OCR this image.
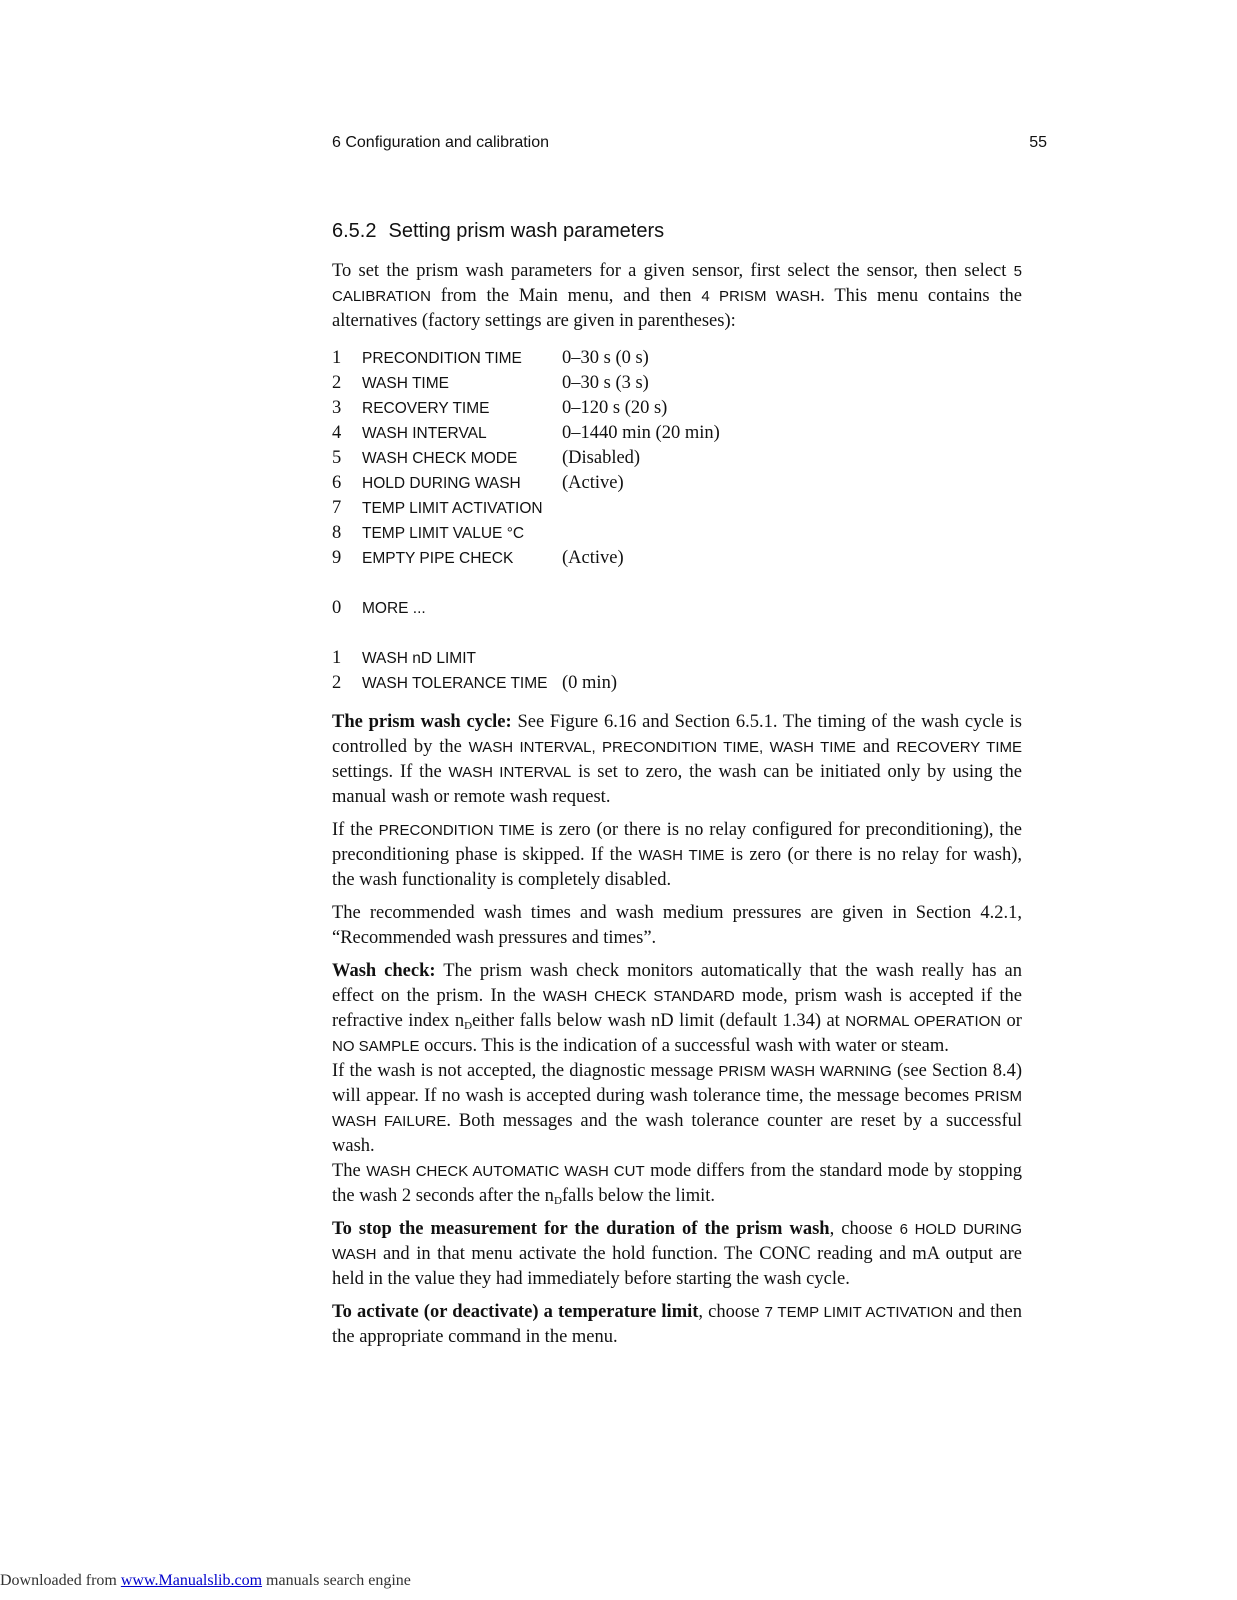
6 Configuration and calibration	55
6.5.2 Setting prism wash parameters

To set the prism wash parameters for a given sensor, first select the sensor, then select 5 CALIBRATION from the Main menu, and then 4 PRISM WASH. This menu contains the alternatives (factory settings are given in parentheses):

1	PRECONDITION TIME	0–30 s (0 s)
2	WASH TIME	0–30 s (3 s)
3	RECOVERY TIME	0–120 s (20 s)
4	WASH INTERVAL	0–1440 min (20 min)
5	WASH CHECK MODE	(Disabled)
6	HOLD DURING WASH	(Active)
7	TEMP LIMIT ACTIVATION
8	TEMP LIMIT VALUE °C
9	EMPTY PIPE CHECK	(Active)
0	MORE ...
1	WASH nD LIMIT
2	WASH TOLERANCE TIME (0 min)

The prism wash cycle: See Figure 6.16 and Section 6.5.1. The timing of the wash cycle is controlled by the WASH INTERVAL, PRECONDITION TIME, WASH TIME and RECOVERY TIME settings. If the WASH INTERVAL is set to zero, the wash can be initiated only by using the manual wash or remote wash request.

If the PRECONDITION TIME is zero (or there is no relay configured for preconditioning), the preconditioning phase is skipped. If the WASH TIME is zero (or there is no relay for wash), the wash functionality is completely disabled.

The recommended wash times and wash medium pressures are given in Section 4.2.1, “Recommended wash pressures and times”.

Wash check: The prism wash check monitors automatically that the wash really has an effect on the prism. In the WASH CHECK STANDARD mode, prism wash is accepted if the refractive index $n_Deither$ falls below wash nD limit (default 1.34) at NORMAL OPERATION or NO SAMPLE occurs. This is the indication of a successful wash with water or steam.

If the wash is not accepted, the diagnostic message PRISM WASH WARNING (see Section 8.4) will appear. If no wash is accepted during wash tolerance time, the message becomes PRISM WASH FAILURE. Both messages and the wash tolerance counter are reset by a successful wash.

The WASH CHECK AUTOMATIC WASH CUT mode differs from the standard mode by stopping the wash 2 seconds after the $n_Dfalls$ below the limit.

To stop the measurement for the duration of the prism wash, choose 6 HOLD DURING WASH and in that menu activate the hold function. The CONC reading and mA output are held in the value they had immediately before starting the wash cycle.

To activate (or deactivate) a temperature limit, choose 7 TEMP LIMIT ACTIVATION and then the appropriate command in the menu.

Downloaded from www.Manualslib.com manuals search engine
